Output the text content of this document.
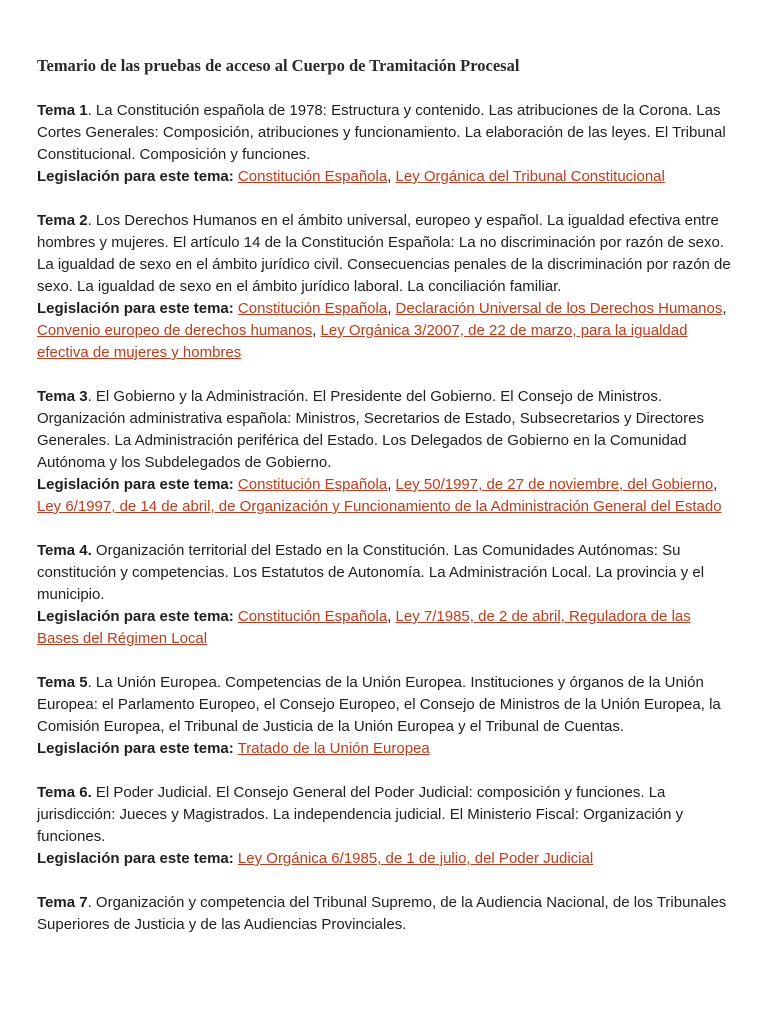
Temario de las pruebas de acceso al Cuerpo de Tramitación Procesal

Tema 1. La Constitución española de 1978: Estructura y contenido. Las atribuciones de la Corona. Las Cortes Generales: Composición, atribuciones y funcionamiento. La elaboración de las leyes. El Tribunal Constitucional. Composición y funciones.

Legislación para este tema: Constitución Española, Ley Orgánica del Tribunal Constitucional

Tema 2. Los Derechos Humanos en el ámbito universal, europeo y español. La igualdad efectiva entre hombres y mujeres. El artículo 14 de la Constitución Española: La no discriminación por razón de sexo. La igualdad de sexo en el ámbito jurídico civil. Consecuencias penales de la discriminación por razón de sexo. La igualdad de sexo en el ámbito jurídico laboral. La conciliación familiar.

Legislación para este tema: Constitución Española, Declaración Universal de los Derechos Humanos, Convenio europeo de derechos humanos, Ley Orgánica 3/2007, de 22 de marzo, para la igualdad efectiva de mujeres y hombres

Tema 3. El Gobierno y la Administración. El Presidente del Gobierno. El Consejo de Ministros. Organización administrativa española: Ministros, Secretarios de Estado, Subsecretarios y Directores Generales. La Administración periférica del Estado. Los Delegados de Gobierno en la Comunidad Autónoma y los Subdelegados de Gobierno.

Legislación para este tema: Constitución Española, Ley 50/1997, de 27 de noviembre, del Gobierno, Ley 6/1997, de 14 de abril, de Organización y Funcionamiento de la Administración General del Estado

Tema 4. Organización territorial del Estado en la Constitución. Las Comunidades Autónomas: Su constitución y competencias. Los Estatutos de Autonomía. La Administración Local. La provincia y el municipio.

Legislación para este tema: Constitución Española, Ley 7/1985, de 2 de abril, Reguladora de las Bases del Régimen Local

Tema 5. La Unión Europea. Competencias de la Unión Europea. Instituciones y órganos de la Unión Europea: el Parlamento Europeo, el Consejo Europeo, el Consejo de Ministros de la Unión Europea, la Comisión Europea, el Tribunal de Justicia de la Unión Europea y el Tribunal de Cuentas.

Legislación para este tema: Tratado de la Unión Europea

Tema 6. El Poder Judicial. El Consejo General del Poder Judicial: composición y funciones. La jurisdicción: Jueces y Magistrados. La independencia judicial. El Ministerio Fiscal: Organización y funciones.

Legislación para este tema: Ley Orgánica 6/1985, de 1 de julio, del Poder Judicial

Tema 7. Organización y competencia del Tribunal Supremo, de la Audiencia Nacional, de los Tribunales Superiores de Justicia y de las Audiencias Provinciales.
